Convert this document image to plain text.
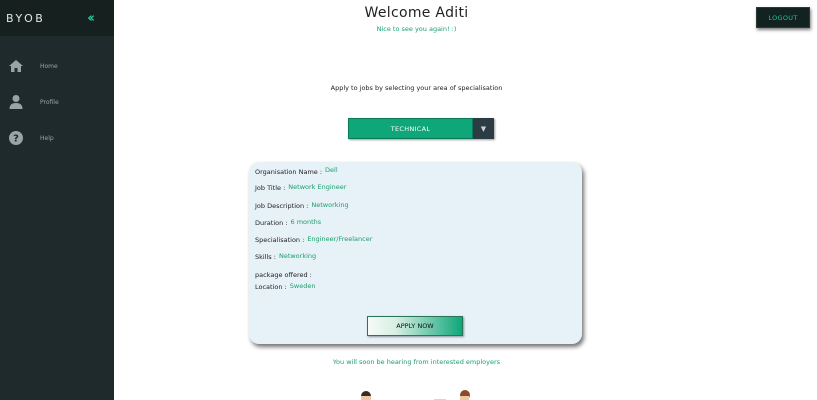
BYOB	‹‹
Home
Profile
?	Help
Welcome Aditi
Nice to see you again! :)
LOGOUT
Apply to jobs by selecting your area of specialisation
TECHNICAL	▼
Organisation Name : Dell
Job Title : Network Engineer
Job Description : Networking
Duration : 6 months
Specialisation : Engineer/Freelancer
Skills : Networking
package offered :
Location : Sweden
APPLY NOW
You will soon be hearing from interested employers
